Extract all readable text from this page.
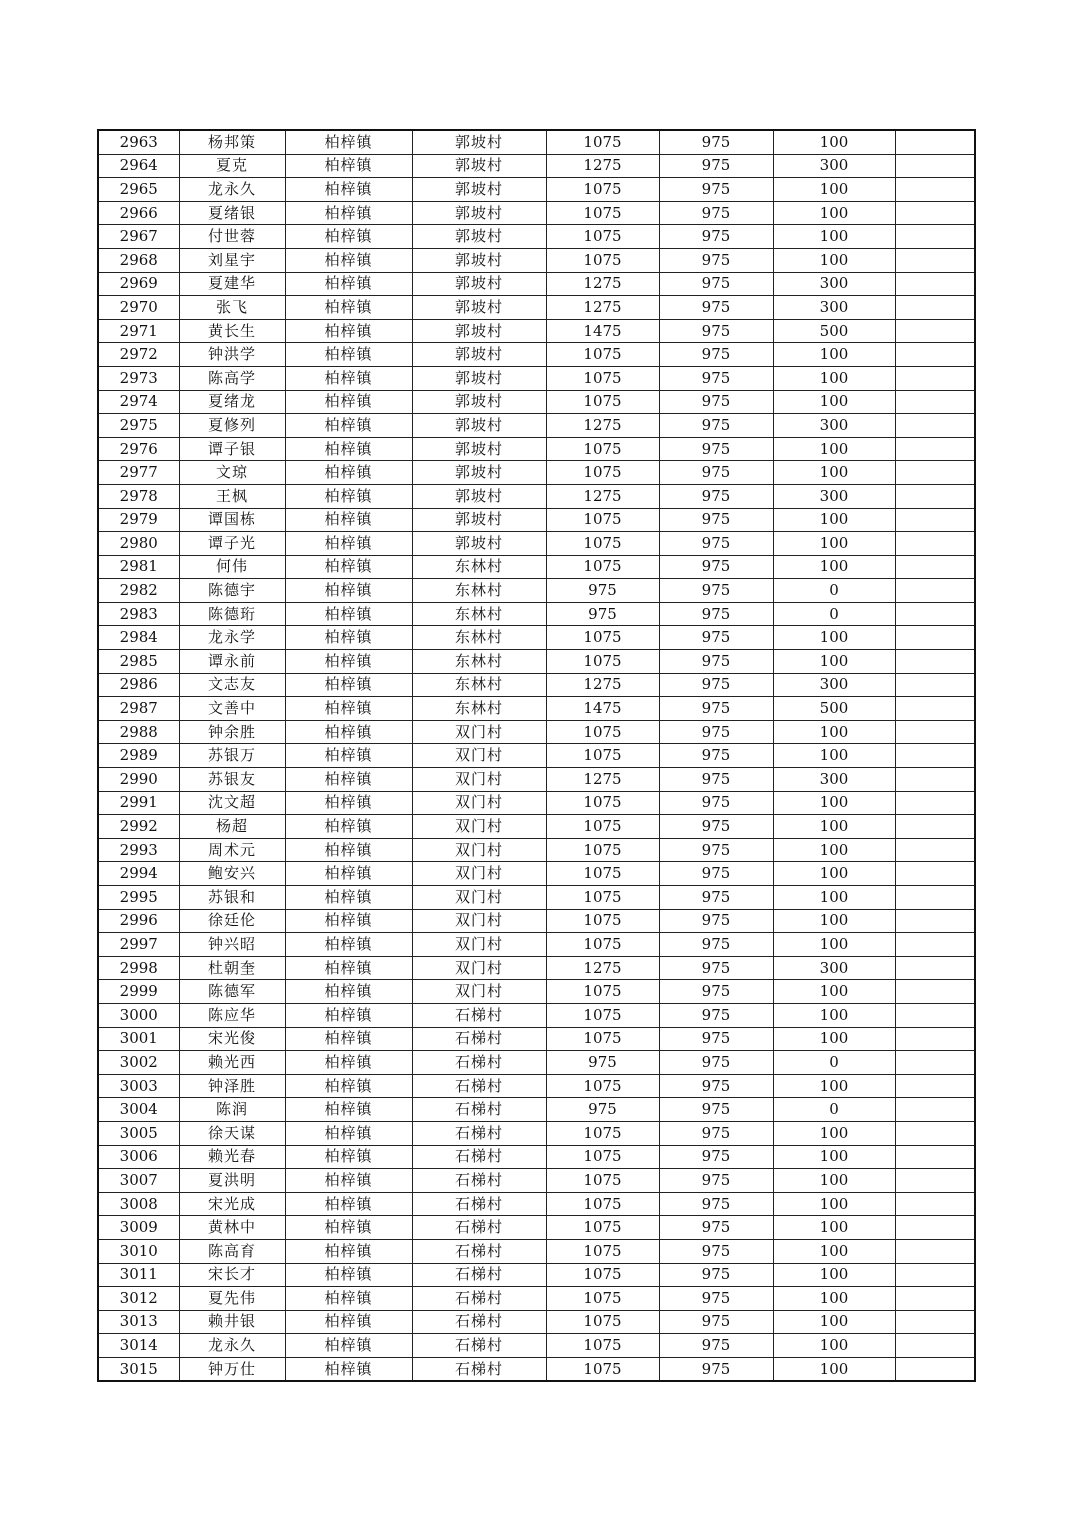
2963	杨邦策	柏梓镇	郭坡村	1075	975	100	
2964	夏克	柏梓镇	郭坡村	1275	975	300	
2965	龙永久	柏梓镇	郭坡村	1075	975	100	
2966	夏绪银	柏梓镇	郭坡村	1075	975	100	
2967	付世蓉	柏梓镇	郭坡村	1075	975	100	
2968	刘星宇	柏梓镇	郭坡村	1075	975	100	
2969	夏建华	柏梓镇	郭坡村	1275	975	300	
2970	张飞	柏梓镇	郭坡村	1275	975	300	
2971	黄长生	柏梓镇	郭坡村	1475	975	500	
2972	钟洪学	柏梓镇	郭坡村	1075	975	100	
2973	陈高学	柏梓镇	郭坡村	1075	975	100	
2974	夏绪龙	柏梓镇	郭坡村	1075	975	100	
2975	夏修列	柏梓镇	郭坡村	1275	975	300	
2976	谭子银	柏梓镇	郭坡村	1075	975	100	
2977	文琼	柏梓镇	郭坡村	1075	975	100	
2978	王枫	柏梓镇	郭坡村	1275	975	300	
2979	谭国栋	柏梓镇	郭坡村	1075	975	100	
2980	谭子光	柏梓镇	郭坡村	1075	975	100	
2981	何伟	柏梓镇	东林村	1075	975	100	
2982	陈德宇	柏梓镇	东林村	975	975	0	
2983	陈德珩	柏梓镇	东林村	975	975	0	
2984	龙永学	柏梓镇	东林村	1075	975	100	
2985	谭永前	柏梓镇	东林村	1075	975	100	
2986	文志友	柏梓镇	东林村	1275	975	300	
2987	文善中	柏梓镇	东林村	1475	975	500	
2988	钟余胜	柏梓镇	双门村	1075	975	100	
2989	苏银万	柏梓镇	双门村	1075	975	100	
2990	苏银友	柏梓镇	双门村	1275	975	300	
2991	沈文超	柏梓镇	双门村	1075	975	100	
2992	杨超	柏梓镇	双门村	1075	975	100	
2993	周术元	柏梓镇	双门村	1075	975	100	
2994	鲍安兴	柏梓镇	双门村	1075	975	100	
2995	苏银和	柏梓镇	双门村	1075	975	100	
2996	徐廷伦	柏梓镇	双门村	1075	975	100	
2997	钟兴昭	柏梓镇	双门村	1075	975	100	
2998	杜朝奎	柏梓镇	双门村	1275	975	300	
2999	陈德军	柏梓镇	双门村	1075	975	100	
3000	陈应华	柏梓镇	石梯村	1075	975	100	
3001	宋光俊	柏梓镇	石梯村	1075	975	100	
3002	赖光西	柏梓镇	石梯村	975	975	0	
3003	钟泽胜	柏梓镇	石梯村	1075	975	100	
3004	陈润	柏梓镇	石梯村	975	975	0	
3005	徐天谋	柏梓镇	石梯村	1075	975	100	
3006	赖光春	柏梓镇	石梯村	1075	975	100	
3007	夏洪明	柏梓镇	石梯村	1075	975	100	
3008	宋光成	柏梓镇	石梯村	1075	975	100	
3009	黄林中	柏梓镇	石梯村	1075	975	100	
3010	陈高育	柏梓镇	石梯村	1075	975	100	
3011	宋长才	柏梓镇	石梯村	1075	975	100	
3012	夏先伟	柏梓镇	石梯村	1075	975	100	
3013	赖井银	柏梓镇	石梯村	1075	975	100	
3014	龙永久	柏梓镇	石梯村	1075	975	100	
3015	钟万仕	柏梓镇	石梯村	1075	975	100	
